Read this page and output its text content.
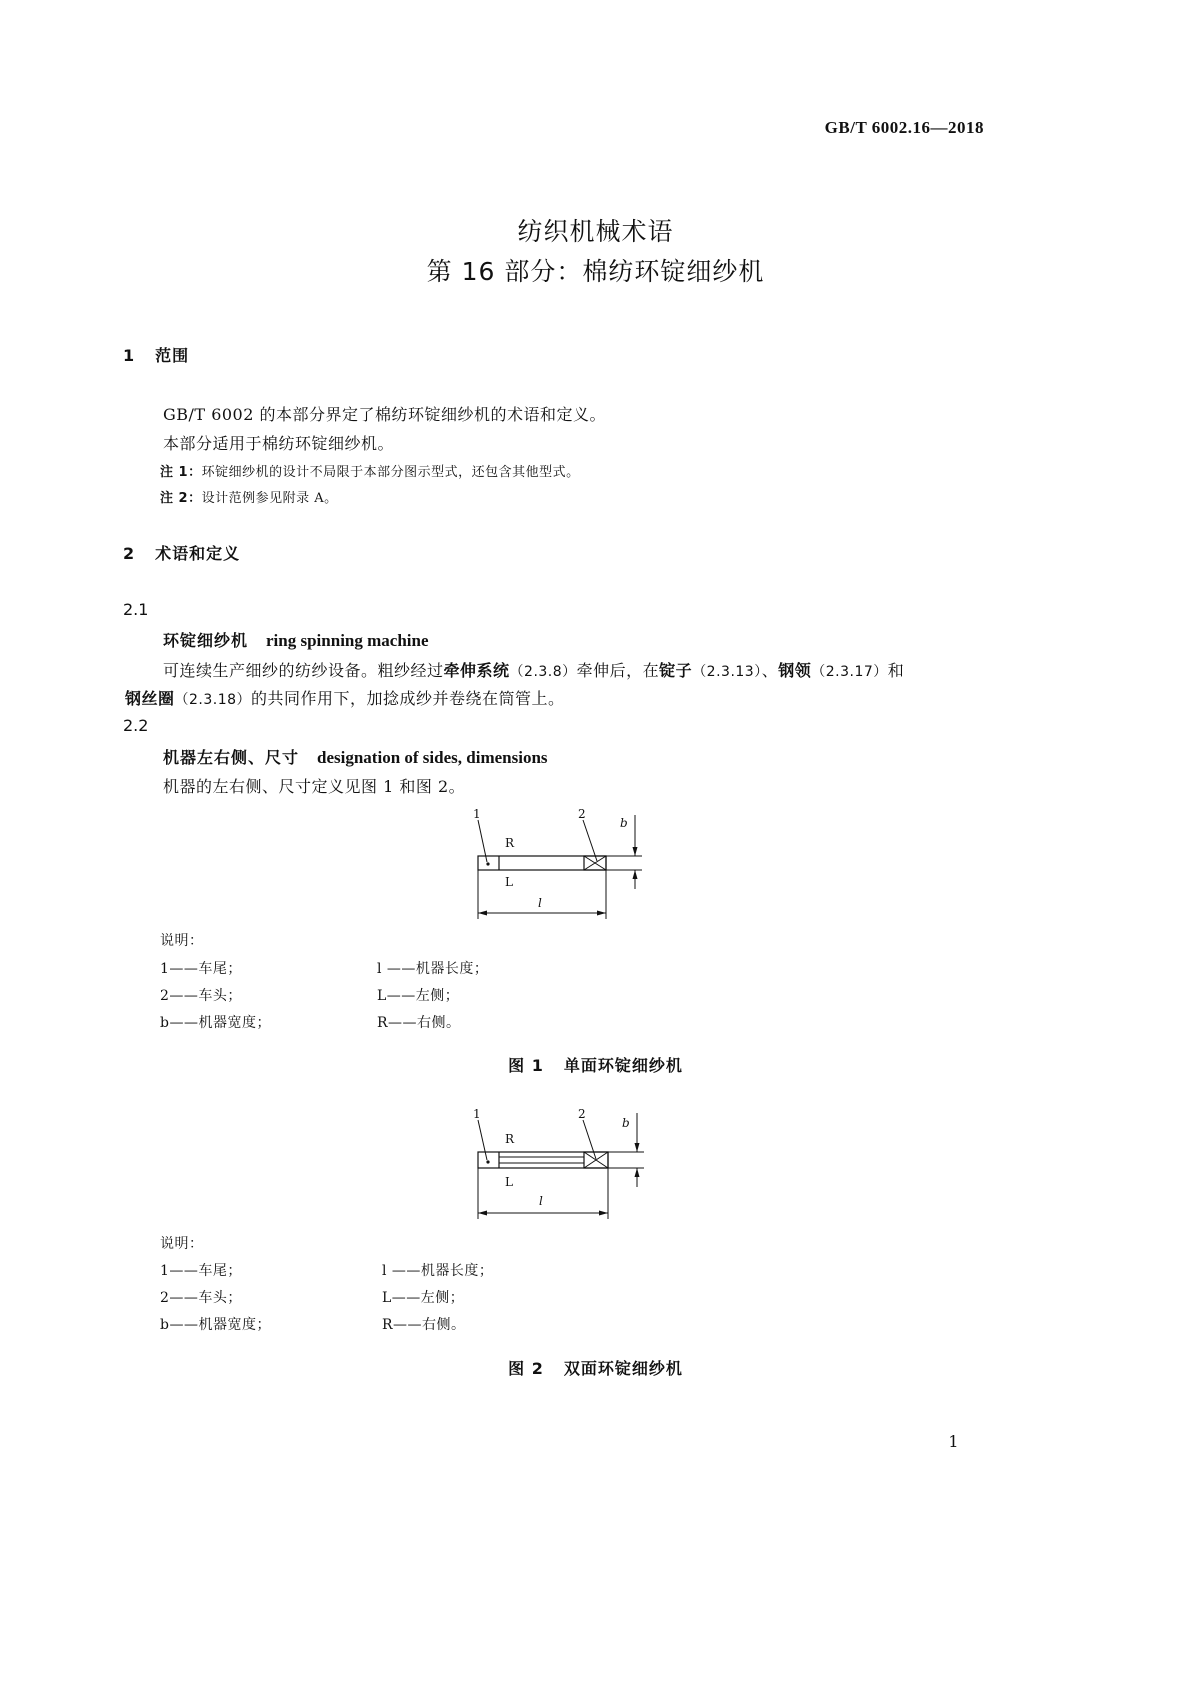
GB/T 6002.16—2018
纺织机械术语
第 16 部分：棉纺环锭细纱机
1 范围
GB/T 6002 的本部分界定了棉纺环锭细纱机的术语和定义。
本部分适用于棉纺环锭细纱机。
注 1：环锭细纱机的设计不局限于本部分图示型式，还包含其他型式。
注 2：设计范例参见附录 A。
2 术语和定义
2.1
环锭细纱机 ring spinning machine
可连续生产细纱的纺纱设备。粗纱经过牵伸系统（2.3.8）牵伸后，在锭子（2.3.13）、钢领（2.3.17）和
钢丝圈（2.3.18）的共同作用下，加捻成纱并卷绕在筒管上。
2.2
机器左右侧、尺寸 designation of sides, dimensions
机器的左右侧、尺寸定义见图 1 和图 2。
1	2
R
L
l
b
说明：
1——车尾；	l ——机器长度；
2——车头；	L——左侧；
b——机器宽度；	R——右侧。
图 1 单面环锭细纱机
1	2
R
L
l
b
说明：
1——车尾；	l ——机器长度；
2——车头；	L——左侧；
b——机器宽度；	R——右侧。
图 2 双面环锭细纱机
1
